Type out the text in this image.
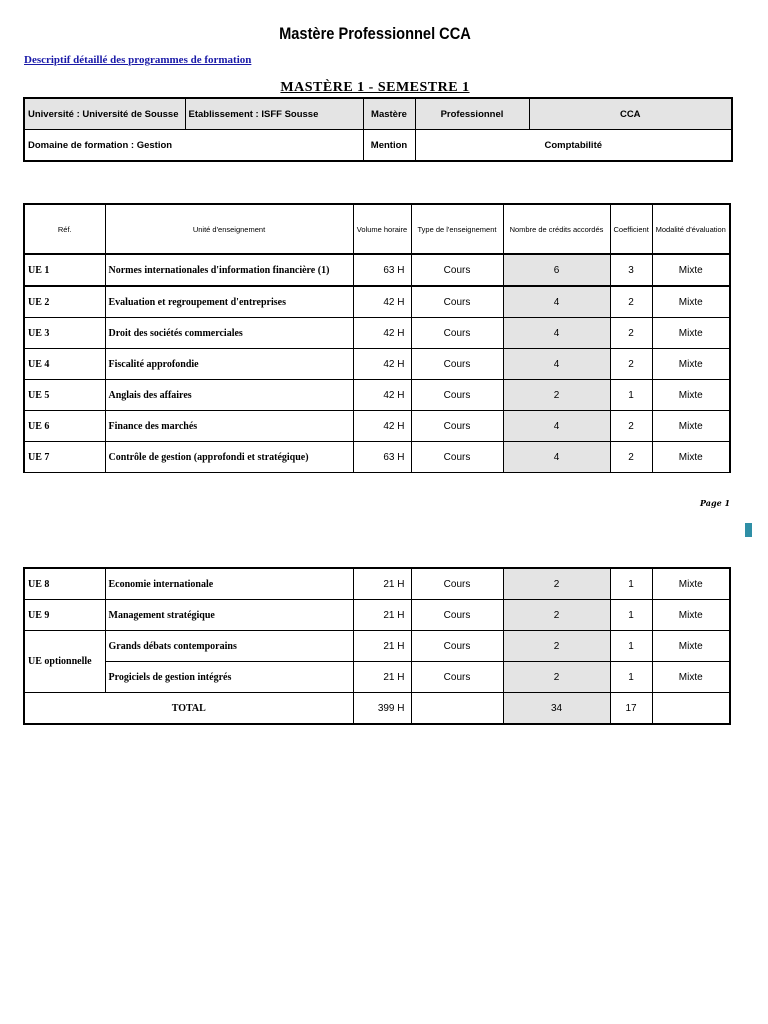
Mastère Professionnel CCA
Descriptif détaillé des programmes de formation
MASTÈRE 1 - SEMESTRE 1
Université : Université de Sousse	Etablissement : ISFF Sousse	Mastère	Professionnel	CCA
Domaine de formation : Gestion		Mention	Comptabilité	
Réf.	Unité d'enseignement	Volume horaire	Type de l'enseignement	Nombre de crédits accordés	Coefficient	Modalité d'évaluation
UE 1	Normes internationales d'information financière (1)	63 H	Cours	6	3	Mixte
UE 2	Evaluation et regroupement d'entreprises	42 H	Cours	4	2	Mixte
UE 3	Droit des sociétés commerciales	42 H	Cours	4	2	Mixte
UE 4	Fiscalité approfondie	42 H	Cours	4	2	Mixte
UE 5	Anglais des affaires	42 H	Cours	2	1	Mixte
UE 6	Finance des marchés	42 H	Cours	4	2	Mixte
UE 7	Contrôle de gestion (approfondi et stratégique)	63 H	Cours	4	2	Mixte
Page 1
UE 8	Economie internationale	21 H	Cours	2	1	Mixte
UE 9	Management stratégique	21 H	Cours	2	1	Mixte
UE optionnelle	Grands débats contemporains	21 H	Cours	2	1	Mixte
	Progiciels de gestion intégrés	21 H	Cours	2	1	Mixte
TOTAL		399 H		34	17	
